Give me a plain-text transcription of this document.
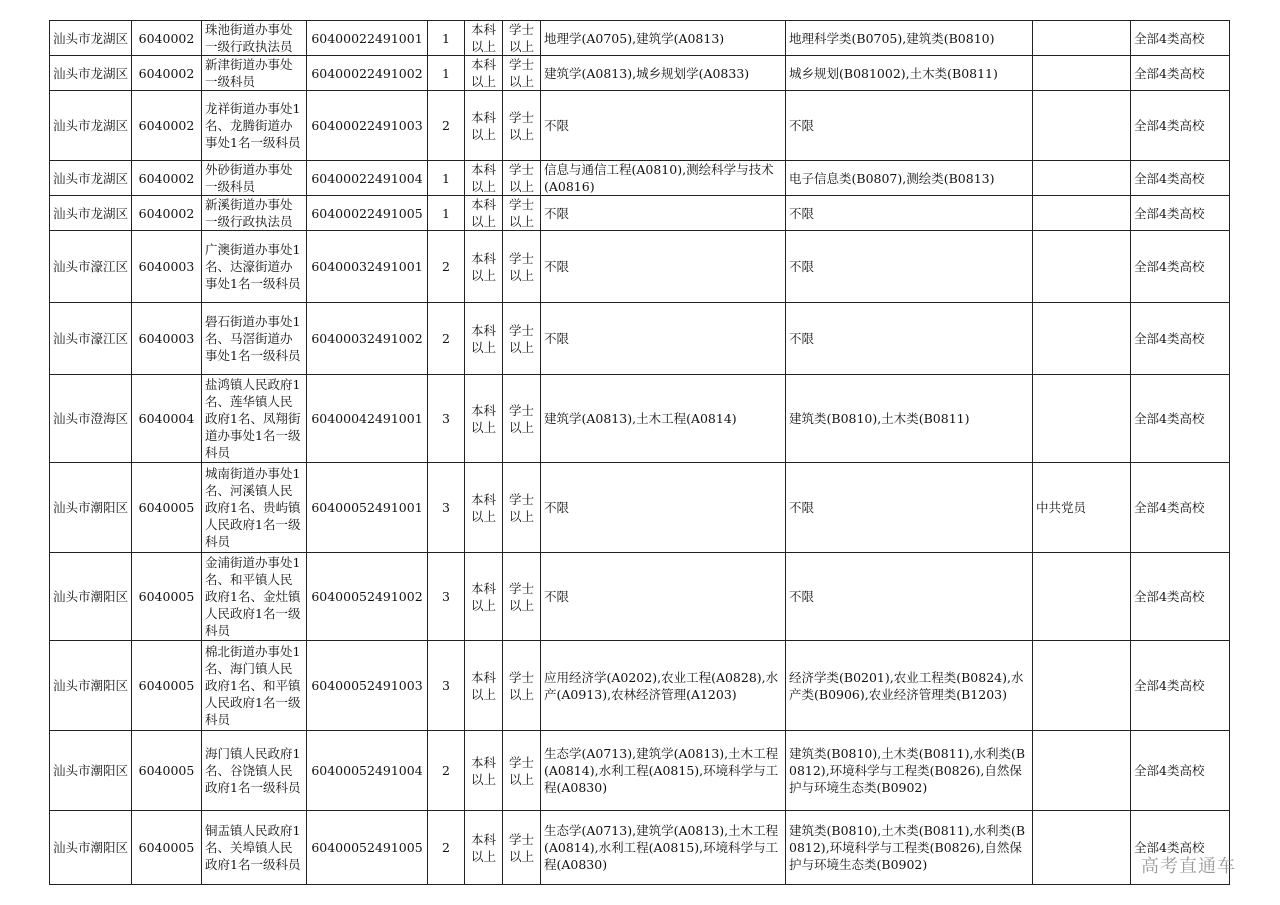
汕头市龙湖区	6040002	珠池街道办事处一级行政执法员	60400022491001	1	本科以上	学士以上	地理学(A0705),建筑学(A0813)	地理科学类(B0705),建筑类(B0810)		全部4类高校
汕头市龙湖区	6040002	新津街道办事处一级科员	60400022491002	1	本科以上	学士以上	建筑学(A0813),城乡规划学(A0833)	城乡规划(B081002),土木类(B0811)		全部4类高校
汕头市龙湖区	6040002	龙祥街道办事处1名、龙腾街道办事处1名一级科员	60400022491003	2	本科以上	学士以上	不限	不限		全部4类高校
汕头市龙湖区	6040002	外砂街道办事处一级科员	60400022491004	1	本科以上	学士以上	信息与通信工程(A0810),测绘科学与技术(A0816)	电子信息类(B0807),测绘类(B0813)		全部4类高校
汕头市龙湖区	6040002	新溪街道办事处一级行政执法员	60400022491005	1	本科以上	学士以上	不限	不限		全部4类高校
汕头市濠江区	6040003	广澳街道办事处1名、达濠街道办事处1名一级科员	60400032491001	2	本科以上	学士以上	不限	不限		全部4类高校
汕头市濠江区	6040003	礐石街道办事处1名、马滘街道办事处1名一级科员	60400032491002	2	本科以上	学士以上	不限	不限		全部4类高校
汕头市澄海区	6040004	盐鸿镇人民政府1名、莲华镇人民政府1名、凤翔街道办事处1名一级科员	60400042491001	3	本科以上	学士以上	建筑学(A0813),土木工程(A0814)	建筑类(B0810),土木类(B0811)		全部4类高校
汕头市潮阳区	6040005	城南街道办事处1名、河溪镇人民政府1名、贵屿镇人民政府1名一级科员	60400052491001	3	本科以上	学士以上	不限	不限	中共党员	全部4类高校
汕头市潮阳区	6040005	金浦街道办事处1名、和平镇人民政府1名、金灶镇人民政府1名一级科员	60400052491002	3	本科以上	学士以上	不限	不限		全部4类高校
汕头市潮阳区	6040005	棉北街道办事处1名、海门镇人民政府1名、和平镇人民政府1名一级科员	60400052491003	3	本科以上	学士以上	应用经济学(A0202),农业工程(A0828),水产(A0913),农林经济管理(A1203)	经济学类(B0201),农业工程类(B0824),水产类(B0906),农业经济管理类(B1203)		全部4类高校
汕头市潮阳区	6040005	海门镇人民政府1名、谷饶镇人民政府1名一级科员	60400052491004	2	本科以上	学士以上	生态学(A0713),建筑学(A0813),土木工程(A0814),水利工程(A0815),环境科学与工程(A0830)	建筑类(B0810),土木类(B0811),水利类(B0812),环境科学与工程类(B0826),自然保护与环境生态类(B0902)		全部4类高校
汕头市潮阳区	6040005	铜盂镇人民政府1名、关埠镇人民政府1名一级科员	60400052491005	2	本科以上	学士以上	生态学(A0713),建筑学(A0813),土木工程(A0814),水利工程(A0815),环境科学与工程(A0830)	建筑类(B0810),土木类(B0811),水利类(B0812),环境科学与工程类(B0826),自然保护与环境生态类(B0902)		全部4类高校
高考直通车
